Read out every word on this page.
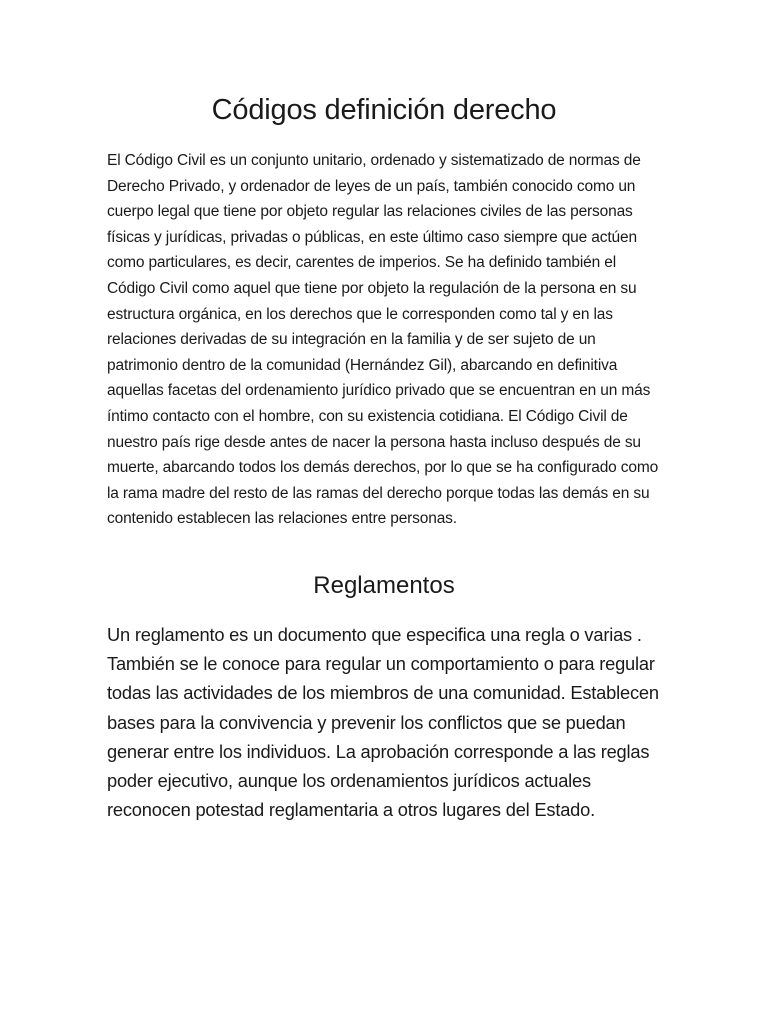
Códigos definición derecho

El Código Civil es un conjunto unitario, ordenado y sistematizado de normas de Derecho Privado, y ordenador de leyes de un país, también conocido como un cuerpo legal que tiene por objeto regular las relaciones civiles de las personas físicas y jurídicas, privadas o públicas, en este último caso siempre que actúen como particulares, es decir, carentes de imperios. Se ha definido también el Código Civil como aquel que tiene por objeto la regulación de la persona en su estructura orgánica, en los derechos que le corresponden como tal y en las relaciones derivadas de su integración en la familia y de ser sujeto de un patrimonio dentro de la comunidad (Hernández Gil), abarcando en definitiva aquellas facetas del ordenamiento jurídico privado que se encuentran en un más íntimo contacto con el hombre, con su existencia cotidiana. El Código Civil de nuestro país rige desde antes de nacer la persona hasta incluso después de su muerte, abarcando todos los demás derechos, por lo que se ha configurado como la rama madre del resto de las ramas del derecho porque todas las demás en su contenido establecen las relaciones entre personas.

Reglamentos

Un reglamento es un documento que especifica una regla o varias . También se le conoce para regular un comportamiento o para regular todas las actividades de los miembros de una comunidad. Establecen bases para la convivencia y prevenir los conflictos que se puedan generar entre los individuos. La aprobación corresponde a las reglas poder ejecutivo, aunque los ordenamientos jurídicos actuales reconocen potestad reglamentaria a otros lugares del Estado.
